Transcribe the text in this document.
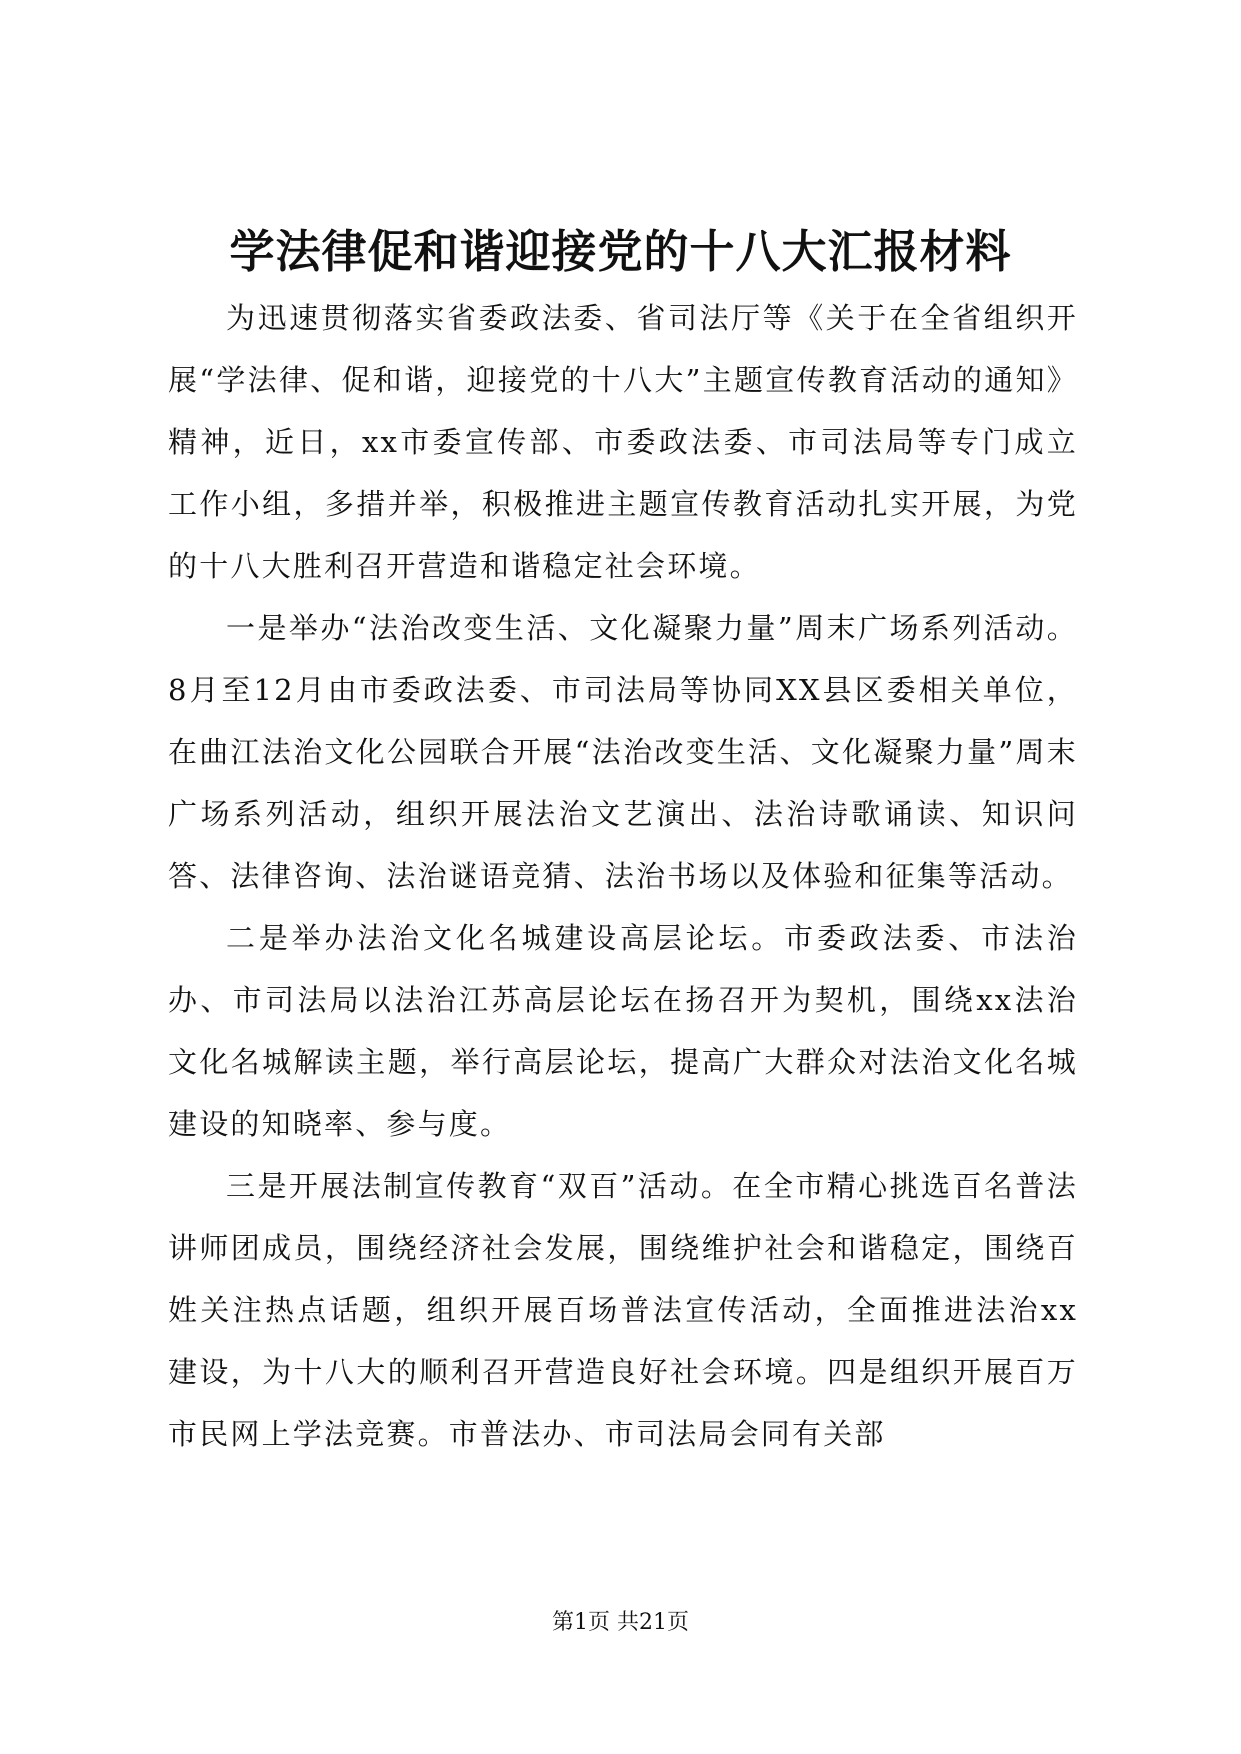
学法律促和谐迎接党的十八大汇报材料

为迅速贯彻落实省委政法委、省司法厅等《关于在全省组织开展“学法律、促和谐，迎接党的十八大”主题宣传教育活动的通知》精神，近日，xx市委宣传部、市委政法委、市司法局等专门成立工作小组，多措并举，积极推进主题宣传教育活动扎实开展，为党的十八大胜利召开营造和谐稳定社会环境。

一是举办“法治改变生活、文化凝聚力量”周末广场系列活动。8月至12月由市委政法委、市司法局等协同XX县区委相关单位，在曲江法治文化公园联合开展“法治改变生活、文化凝聚力量”周末广场系列活动，组织开展法治文艺演出、法治诗歌诵读、知识问答、法律咨询、法治谜语竞猜、法治书场以及体验和征集等活动。

二是举办法治文化名城建设高层论坛。市委政法委、市法治办、市司法局以法治江苏高层论坛在扬召开为契机，围绕xx法治文化名城解读主题，举行高层论坛，提高广大群众对法治文化名城建设的知晓率、参与度。

三是开展法制宣传教育“双百”活动。在全市精心挑选百名普法讲师团成员，围绕经济社会发展，围绕维护社会和谐稳定，围绕百姓关注热点话题，组织开展百场普法宣传活动，全面推进法治xx建设，为十八大的顺利召开营造良好社会环境。四是组织开展百万市民网上学法竞赛。市普法办、市司法局会同有关部

第1页 共21页
